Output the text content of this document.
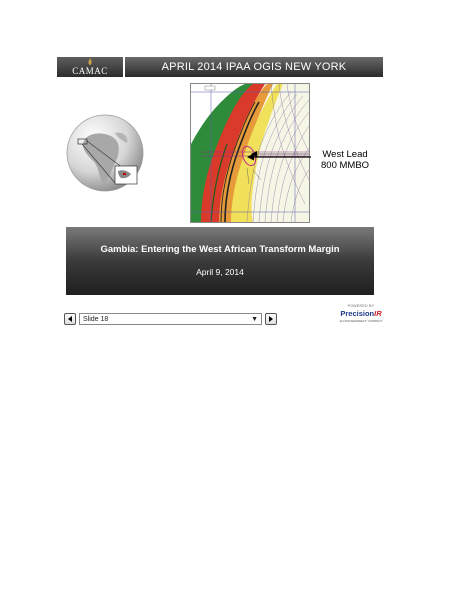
CAMAC	APRIL 2014 IPAA OGIS NEW YORK
West Lead
800 MMBO
Gambia: Entering the West African Transform Margin
April 9, 2014
Slide 18	▼
POWERED BY
PrecisionIR
AN ISSUERDIRECT COMPANY
